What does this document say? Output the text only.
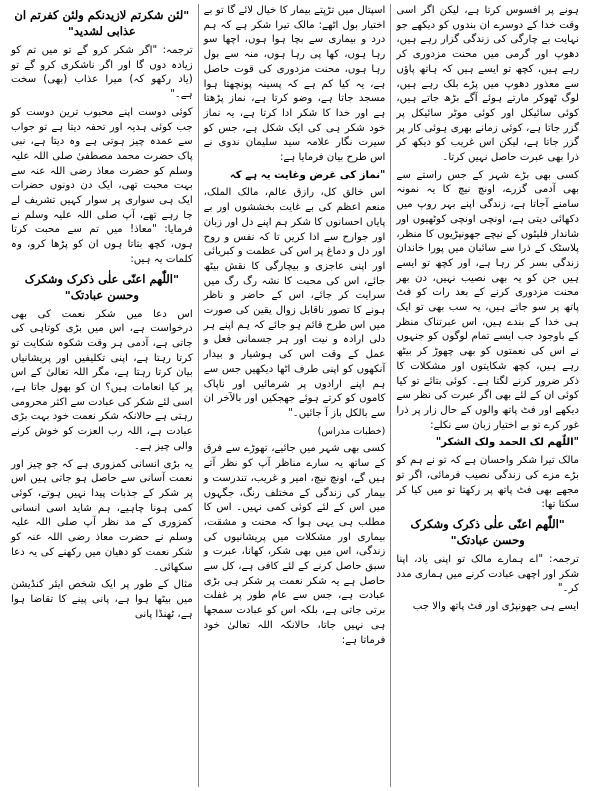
ہونے پر افسوس کرتا ہے، لیکن اگر اسی وقت خدا کے دوسرے ان بندوں کو دیکھے جو نہایت بے چارگی کی زندگی گزار رہے ہیں، دھوپ اور گرمی میں محنت مزدوری کر رہے ہیں، کچھ تو ایسے ہیں کہ ہاتھ پاؤں سے معذور دھوپ میں پڑے بلک رہے ہیں، لوگ ٹھوکر مارتے ہوئے آگے بڑھ جاتے ہیں، کوئی سائیکل اور کوئی موٹر سائیکل پر گزر جاتا ہے، کوئی زمانے بھری ہوئی کار پر گزر جاتا ہے، لیکن اس غریب کو دیکھ کر ذرا بھی عبرت حاصل نہیں کرتا۔

کسی بھی بڑے شہر کے جس راستے سے بھی آدمی گزرے، اونچ نیچ کا یہ نمونہ سامنے آجاتا ہے، زندگی اپنے بہر روپ میں دکھائی دیتی ہے، اونچی اونچی کوٹھیوں اور شاندار فلیٹوں کے نیچے جھونپڑیوں کا منظر، پلاسٹک کے ذرا سے سائبان میں پورا خاندان زندگی بسر کر رہا ہے، اور کچھ تو ایسے ہیں جن کو یہ بھی نصیب نہیں، دن بھر محنت مزدوری کرنے کے بعد رات کو فٹ پاتھ پر سو جاتے ہیں، یہ سب بھی تو ایک ہی خدا کے بندے ہیں، اس عبرتناک منظر کے باوجود جب ایسے تمام لوگوں کو جنہوں نے اس کی نعمتوں کو بھی چھوڑ کر بیٹھ رہے ہیں، کچھ شکایتوں اور مشکلات کا ذکر ضرور کرنے لگتا ہے۔ کوئی بتائے تو کیا کوئی ان کے لئے بھی اگر عبرت کی نظر سے دیکھے اور فٹ پاتھ والوں کے حال زار پر ذرا غور کرے تو بے اختیار زبان سے نکلے:

"اللّٰھم لک الحمد ولک الشکر"

مالک تیرا شکر واحسان ہے کہ تو نے ہم کو بڑے مزے کی زندگی نصیب فرمائی، اگر تو مجھے بھی فٹ پاتھ پر رکھتا تو میں کیا کر سکتا تھا:

"اللّٰھم اعنّی علٰی ذکرک وشکرک وحسن عبادتک"

ترجمہ: "اے ہمارے مالک تو اپنی یاد، اپنا شکر اور اچھی عبادت کرنے میں ہماری مدد کر۔"

ایسے ہی جھونپڑی اور فٹ پاتھ والا جب

اسپتال میں تڑپتے بیمار کا خیال لائے گا تو بے اختیار بول اٹھے: مالک تیرا شکر ہے کہ ہم درد و بیماری سے بچا ہوا ہوں، اچھا سو رہا ہوں، کھا پی رہا ہوں، منہ سے بول رہا ہوں، محنت مزدوری کی قوت حاصل ہے، یہ کیا کم ہے کہ پسینہ پونچھتا ہوا مسجد جاتا ہے، وضو کرتا ہے، نماز پڑھتا ہے اور خدا کا شکر ادا کرتا ہے، یہ نماز خود شکر ہی کی ایک شکل ہے، جس کو سیرت نگار علامہ سید سلیمان ندوی نے اس طرح بیان فرمایا ہے:

"نماز کی غرض وغایت یہ ہے کہ

اس خالق کل، رازق عالم، مالک الملک، منعم اعظم کی بے غایت بخششوں اور بے پایاں احسانوں کا شکر ہم اپنے دل اور زبان اور جوارح سے ادا کریں تا کہ نفس و روح اور دل و دماغ پر اس کی عظمت و کبریائی اور اپنی عاجزی و بیچارگی کا نقش بیٹھ جائے، اس کی محبت کا نشہ رگ رگ میں سرایت کر جائے، اس کے حاضر و ناظر ہونے کا تصور ناقابل زوال یقین کی صورت میں اس طرح قائم ہو جائے کہ ہم اپنے ہر دلی ارادہ و نیت اور ہر جسمانی فعل و عمل کے وقت اس کی ہوشیار و بیدار آنکھوں کو اپنی طرف اٹھا دیکھیں جس سے ہم اپنے ارادوں پر شرمائیں اور ناپاک کاموں کو کرتے ہوئے جھجکیں اور بالآخر ان سے بالکل باز آ جائیں۔"

(خطبات مدراس)

کسی بھی شہر میں جائیے، تھوڑے سے فرق کے ساتھ یہ سارے مناظر آپ کو نظر آتے ہیں گے، اونچ نیچ، امیر و غریب، تندرست و بیمار کی زندگی کے مختلف رنگ، جگہوں میں اس کے لئے کوئی کمی نہیں۔ اس کا مطلب ہی یہی ہوا کہ محنت و مشقت، بیماری اور مشکلات میں پریشانیوں کی زندگی، اس میں بھی شکر، کھانا، عبرت و سبق حاصل کرنے کے لئے کافی ہے، کل سے حاصل ہے یہ شکر نعمت پر شکر ہی بڑی عبادت ہے، جس سے عام طور پر غفلت برتی جاتی ہے، بلکہ اس کو عبادت سمجھا ہی نہیں جاتا، حالانکہ اللہ تعالیٰ خود فرماتا ہے:

"لئن شکرتم لازیدنکم ولئن کفرتم ان عذابی لشدید"

ترجمہ: "اگر شکر کرو گے تو میں تم کو زیادہ دوں گا اور اگر ناشکری کرو گے تو (یاد رکھو کہ) میرا عذاب (بھی) سخت ہے۔"

کوئی دوست اپنے محبوب ترین دوست کو جب کوئی ہدیہ اور تحفہ دیتا ہے تو جواب سے عمدہ چیز ہوتی ہے وہ دیتا ہے، نبی پاک حضرت محمد مصطفیٰ صلی اللہ علیہ وسلم کو حضرت معاذ رضی اللہ عنہ سے بہت محبت تھی، ایک دن دونوں حضرات ایک ہی سواری پر سوار کہیں تشریف لے جا رہے تھے، آپ صلی اللہ علیہ وسلم نے فرمایا: "معاذ! میں تم سے محبت کرتا ہوں، کچھ بتاتا ہوں ان کو پڑھا کرو، وہ کلمات یہ ہیں:

"اللّٰھم اعنّی علٰی ذکرک وشکرک وحسن عبادتک"

اس دعا میں شکر نعمت کی بھی درخواست ہے، اس میں بڑی کوتاہی کی جاتی ہے، آدمی ہر وقت شکوہ شکایت تو کرتا رہتا ہے، اپنی تکلیفیں اور پریشانیاں بیان کرتا رہتا ہے، مگر اللہ تعالیٰ کے اس پر کیا انعامات ہیں؟ ان کو بھول جاتا ہے، اسی لئے شکر کی عبادت سے اکثر محرومی رہتی ہے حالانکہ شکر نعمت خود بہت بڑی عبادت ہے، اللہ رب العزت کو خوش کرنے والی چیز ہے۔

یہ بڑی انسانی کمزوری ہے کہ جو چیز اور نعمت آسانی سے حاصل ہو جاتی ہیں اس پر شکر کے جذبات پیدا نہیں ہوتے، کوئی کمی ہونا چاہیے، ہم شاید اسی انسانی کمزوری کے مد نظر آپ صلی اللہ علیہ وسلم نے حضرت معاذ رضی اللہ عنہ کو شکر نعمت کو دھیان میں رکھنے کی یہ دعا سکھائی۔

مثال کے طور پر ایک شخص ایئر کنڈیشن میں بیٹھا ہوا ہے، پانی پینے کا تقاضا ہوا ہے، ٹھنڈا پانی
